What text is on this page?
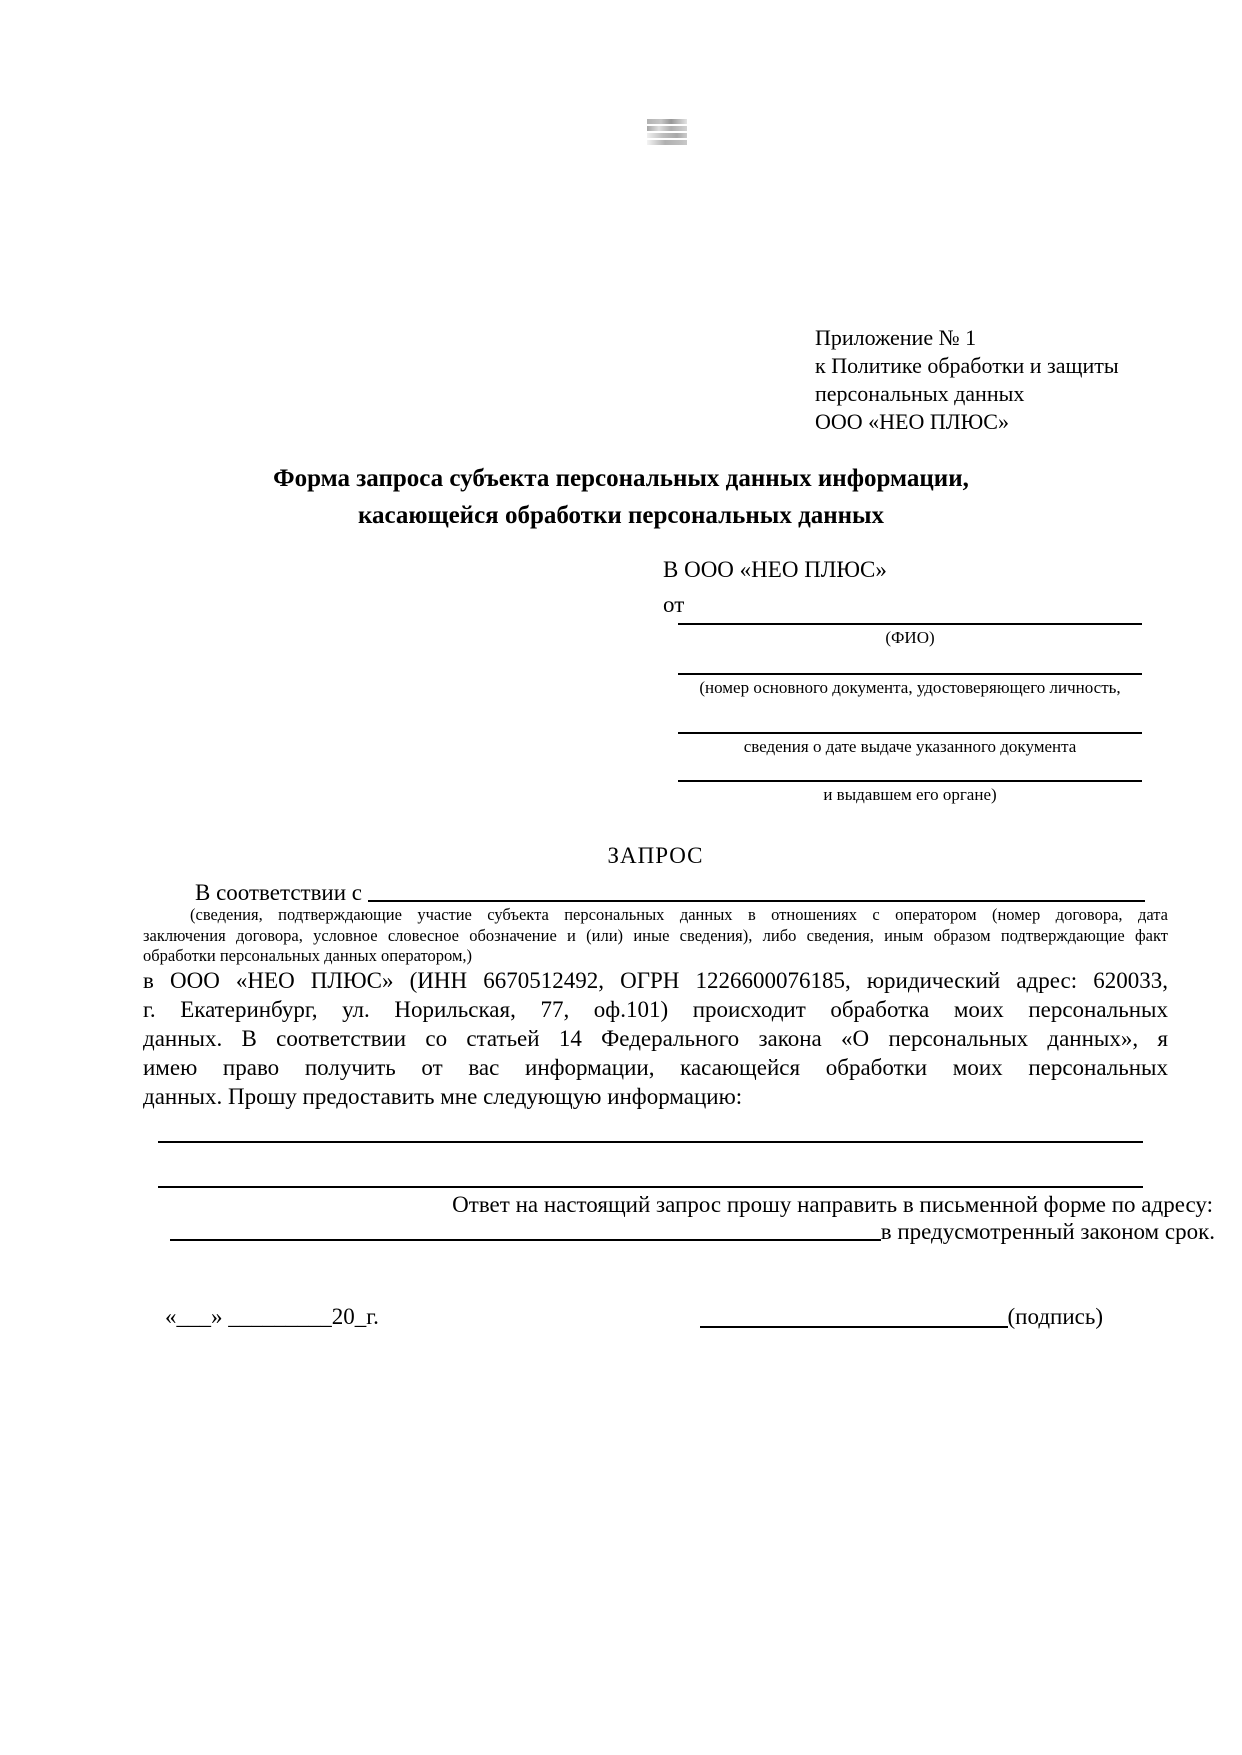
Приложение № 1
к Политике обработки и защиты
персональных данных
ООО «НЕО ПЛЮС»
Форма запроса субъекта персональных данных информации,
касающейся обработки персональных данных
В ООО «НЕО ПЛЮС»
от
(ФИО)
(номер основного документа, удостоверяющего личность,
сведения о дате выдаче указанного документа
и выдавшем его органе)
ЗАПРОС
В соответствии с
(сведения, подтверждающие участие субъекта персональных данных в отношениях с оператором (номер договора, дата
заключения договора, условное словесное обозначение и (или) иные сведения), либо сведения, иным образом подтверждающие факт
обработки персональных данных оператором,)
в ООО «НЕО ПЛЮС» (ИНН 6670512492, ОГРН 1226600076185, юридический адрес: 620033,
г. Екатеринбург, ул. Норильская, 77, оф.101) происходит обработка моих персональных
данных. В соответствии со статьей 14 Федерального закона «О персональных данных», я
имею право получить от вас информации, касающейся обработки моих персональных
данных. Прошу предоставить мне следующую информацию:
Ответ на настоящий запрос прошу направить в письменной форме по адресу:
в предусмотренный законом срок.
«___» _________20_г.	(подпись)
